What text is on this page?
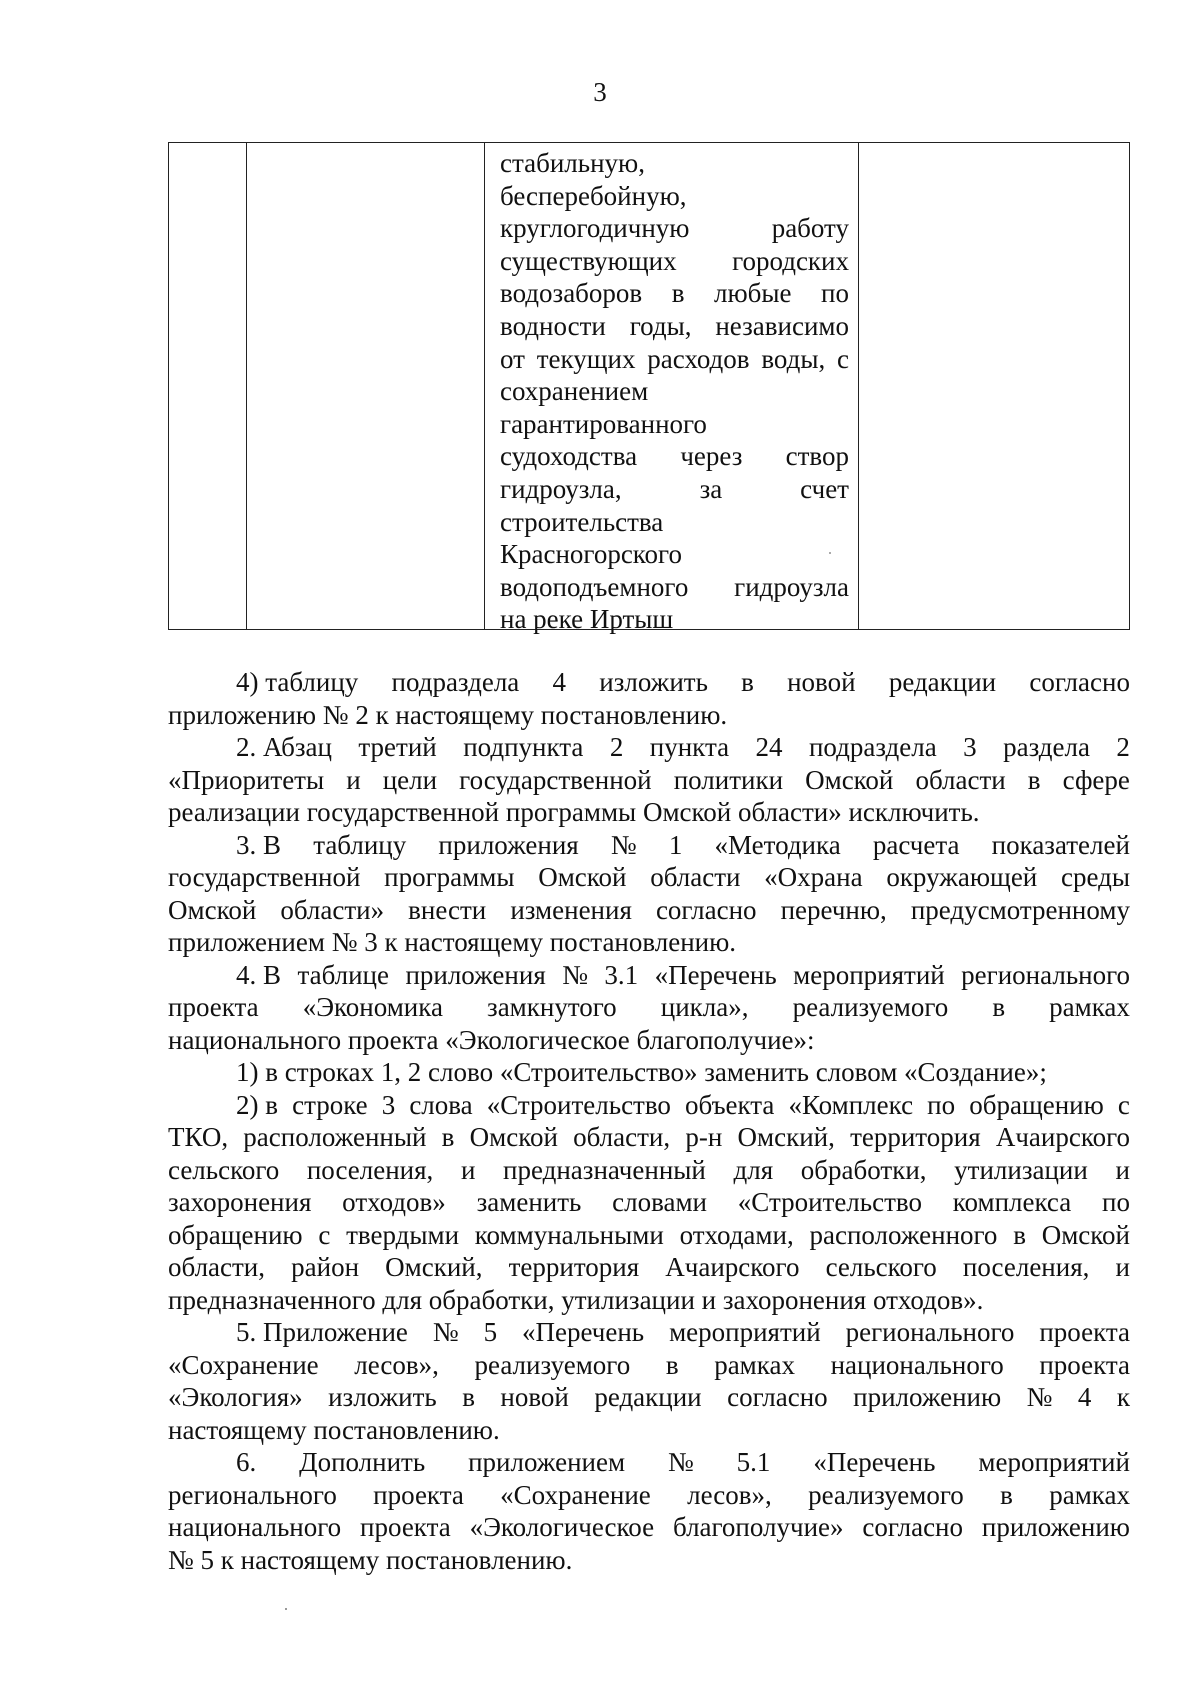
3
стабильную,
бесперебойную,
круглогодичную	работу
существующих городских
водозаборов в любые по
водности годы, независимо
от текущих расходов воды, с
сохранением
гарантированного
судоходства через створ
гидроузла,	за	счет
строительства
Красногорского
водоподъемного гидроузла
на реке Иртыш
4) таблицу подраздела 4 изложить в новой редакции согласно
приложению № 2 к настоящему постановлению.
2. Абзац третий подпункта 2 пункта 24 подраздела 3 раздела 2
«Приоритеты и цели государственной политики Омской области в сфере
реализации государственной программы Омской области» исключить.
3. В таблицу приложения № 1 «Методика расчета показателей
государственной программы Омской области «Охрана окружающей среды
Омской области» внести изменения согласно перечню, предусмотренному
приложением № 3 к настоящему постановлению.
4. В таблице приложения № 3.1 «Перечень мероприятий регионального
проекта «Экономика замкнутого цикла», реализуемого в рамках
национального проекта «Экологическое благополучие»:
1) в строках 1, 2 слово «Строительство» заменить словом «Создание»;
2) в строке 3 слова «Строительство объекта «Комплекс по обращению с
ТКО, расположенный в Омской области, р-н Омский, территория Ачаирского
сельского поселения, и предназначенный для обработки, утилизации и
захоронения отходов» заменить словами «Строительство комплекса по
обращению с твердыми коммунальными отходами, расположенного в Омской
области, район Омский, территория Ачаирского сельского поселения, и
предназначенного для обработки, утилизации и захоронения отходов».
5. Приложение № 5 «Перечень мероприятий регионального проекта
«Сохранение лесов», реализуемого в рамках национального проекта
«Экология» изложить в новой редакции согласно приложению № 4 к
настоящему постановлению.
6. Дополнить приложением № 5.1 «Перечень мероприятий
регионального проекта «Сохранение лесов», реализуемого в рамках
национального проекта «Экологическое благополучие» согласно приложению
№ 5 к настоящему постановлению.
